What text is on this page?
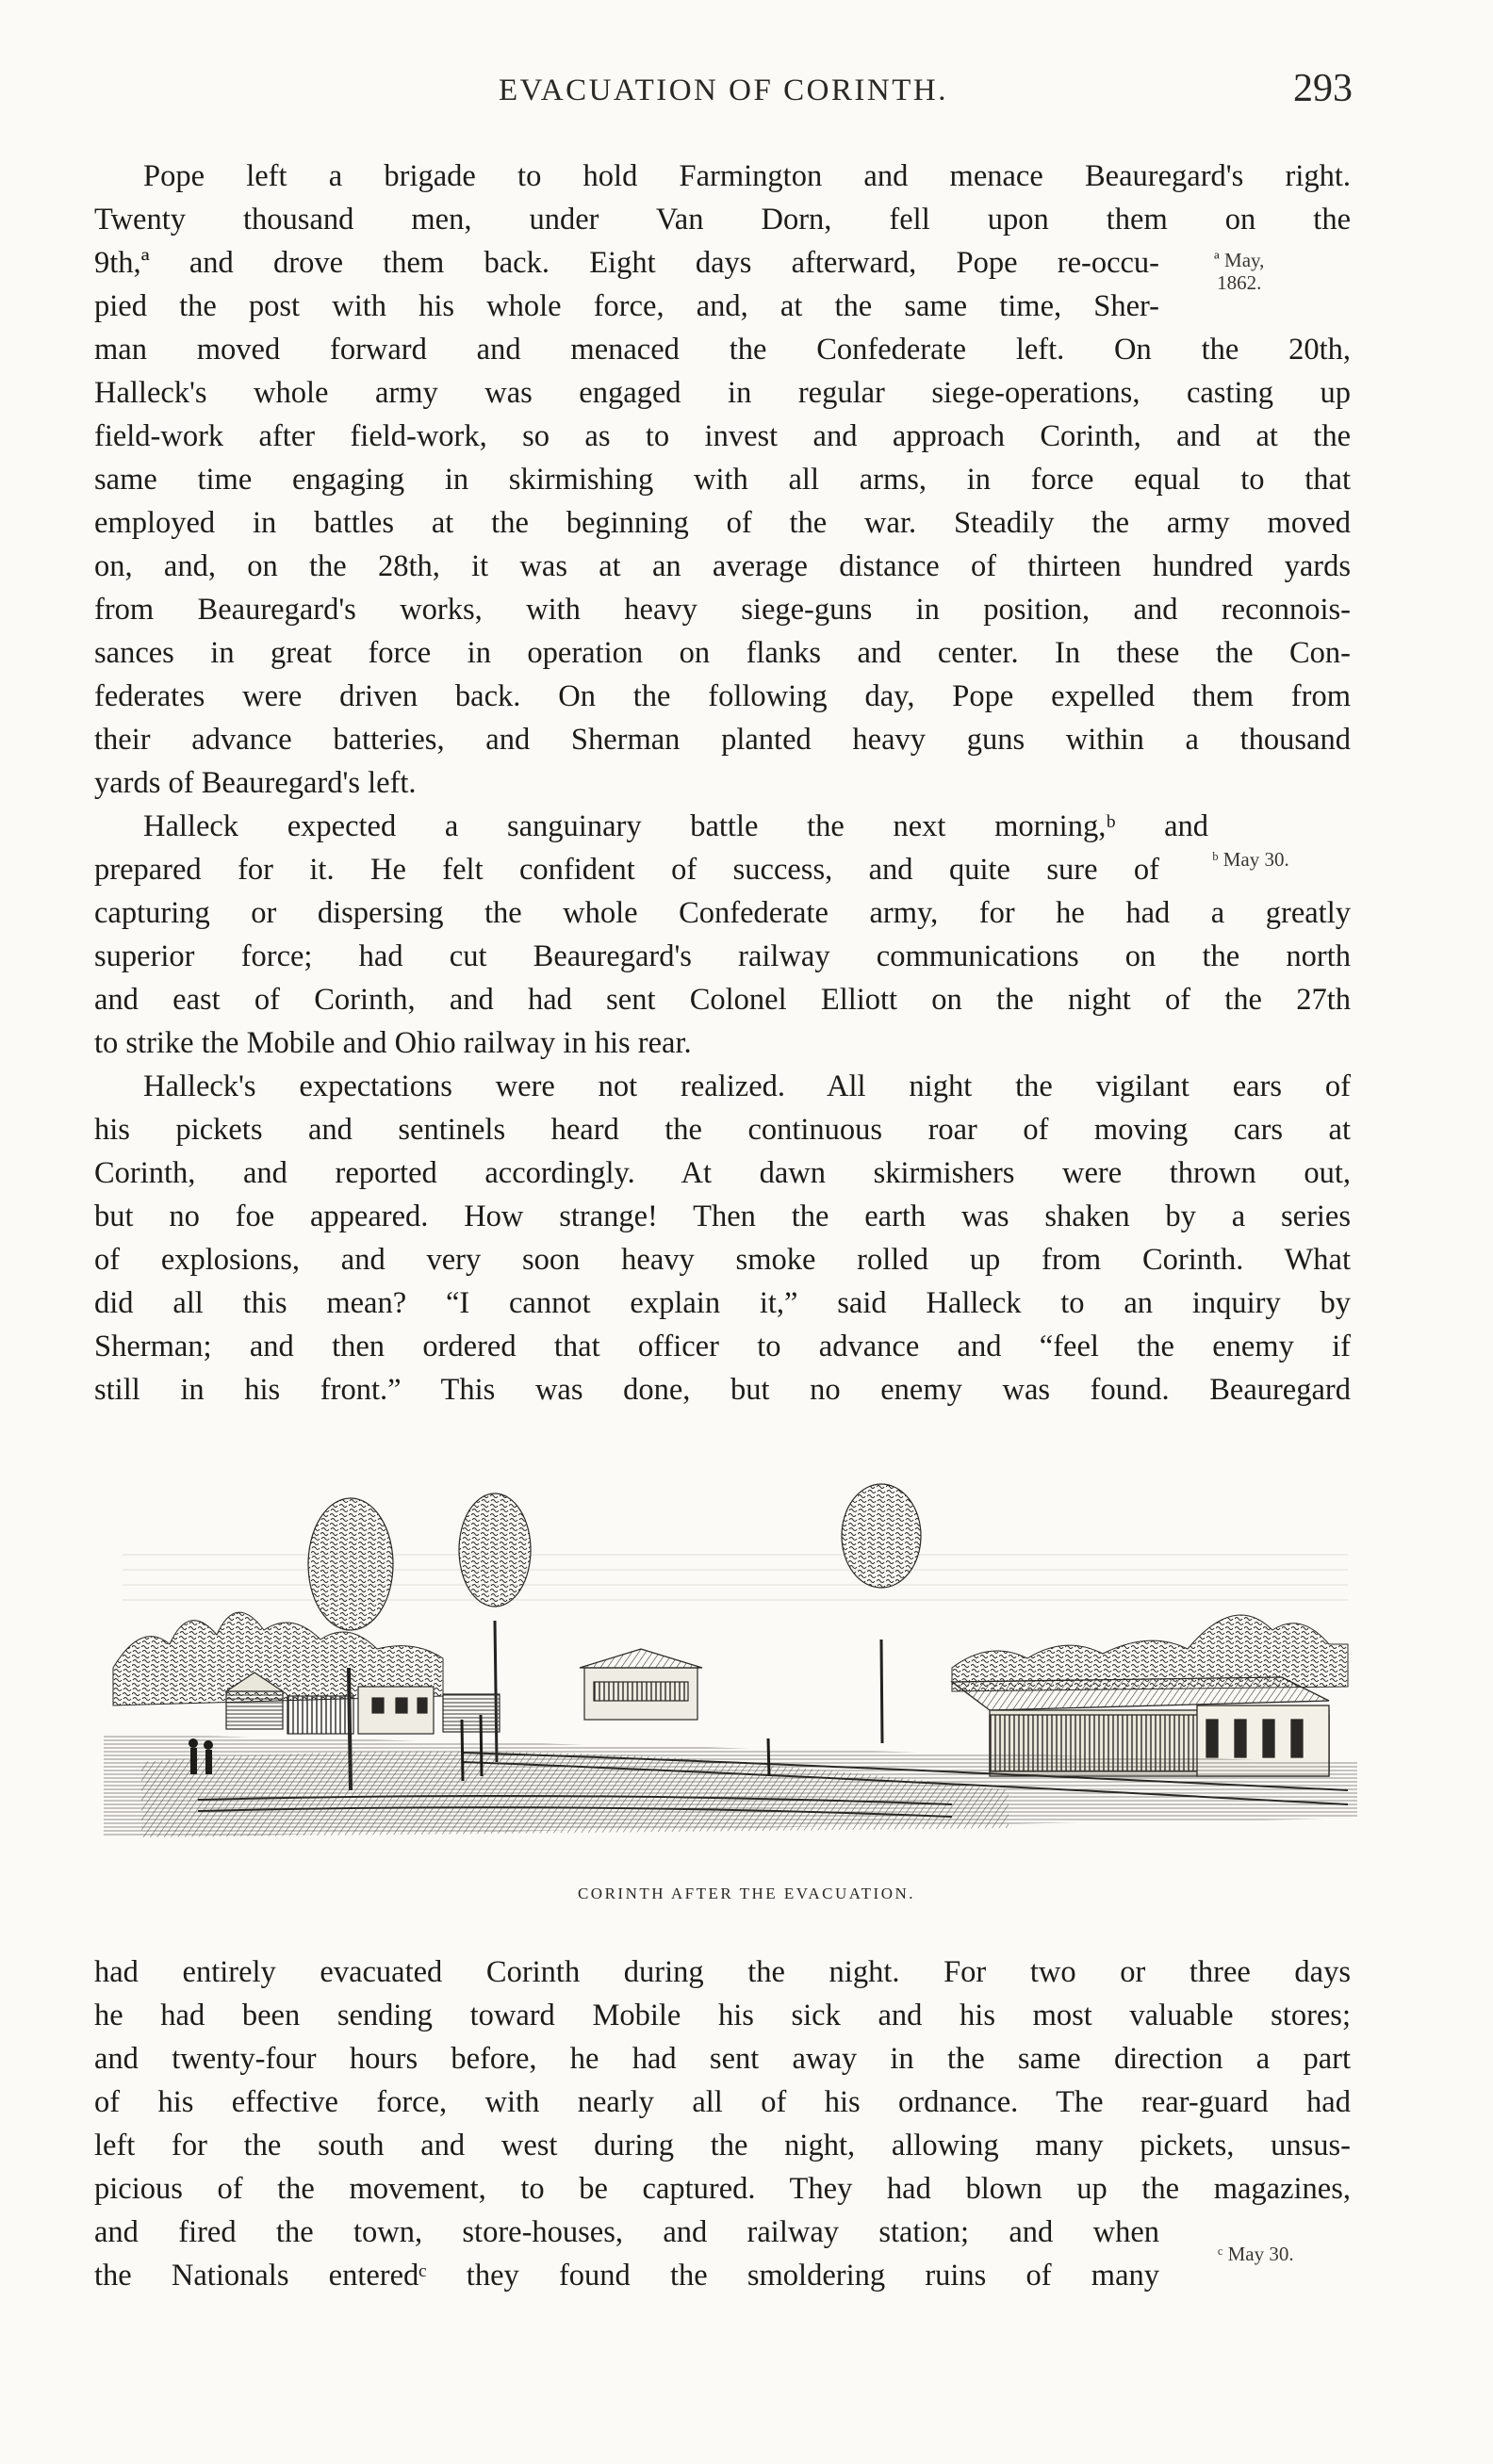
EVACUATION OF CORINTH.	293
Pope left a brigade to hold Farmington and menace Beauregard's right.
Twenty thousand men, under Van Dorn, fell upon them on the
9th,ª and drove them back. Eight days afterward, Pope re-occu-
pied the post with his whole force, and, at the same time, Sher-
man moved forward and menaced the Confederate left. On the 20th,
Halleck's whole army was engaged in regular siege-operations, casting up
field-work after field-work, so as to invest and approach Corinth, and at the
same time engaging in skirmishing with all arms, in force equal to that
employed in battles at the beginning of the war. Steadily the army moved
on, and, on the 28th, it was at an average distance of thirteen hundred yards
from Beauregard's works, with heavy siege-guns in position, and reconnois-
sances in great force in operation on flanks and center. In these the Con-
federates were driven back. On the following day, Pope expelled them from
their advance batteries, and Sherman planted heavy guns within a thousand
yards of Beauregard's left.
Halleck expected a sanguinary battle the next morning,ᵇ and
prepared for it. He felt confident of success, and quite sure of
capturing or dispersing the whole Confederate army, for he had a greatly
superior force; had cut Beauregard's railway communications on the north
and east of Corinth, and had sent Colonel Elliott on the night of the 27th
to strike the Mobile and Ohio railway in his rear.
Halleck's expectations were not realized. All night the vigilant ears of
his pickets and sentinels heard the continuous roar of moving cars at
Corinth, and reported accordingly. At dawn skirmishers were thrown out,
but no foe appeared. How strange! Then the earth was shaken by a series
of explosions, and very soon heavy smoke rolled up from Corinth. What
did all this mean? “I cannot explain it,” said Halleck to an inquiry by
Sherman; and then ordered that officer to advance and “feel the enemy if
still in his front.” This was done, but no enemy was found. Beauregard
ª May,
1862.
ᵇ May 30.
CORINTH AFTER THE EVACUATION.
had entirely evacuated Corinth during the night. For two or three days
he had been sending toward Mobile his sick and his most valuable stores;
and twenty-four hours before, he had sent away in the same direction a part
of his effective force, with nearly all of his ordnance. The rear-guard had
left for the south and west during the night, allowing many pickets, unsus-
picious of the movement, to be captured. They had blown up the magazines,
and fired the town, store-houses, and railway station; and when
the Nationals enteredᶜ they found the smoldering ruins of many
ᶜ May 30.
